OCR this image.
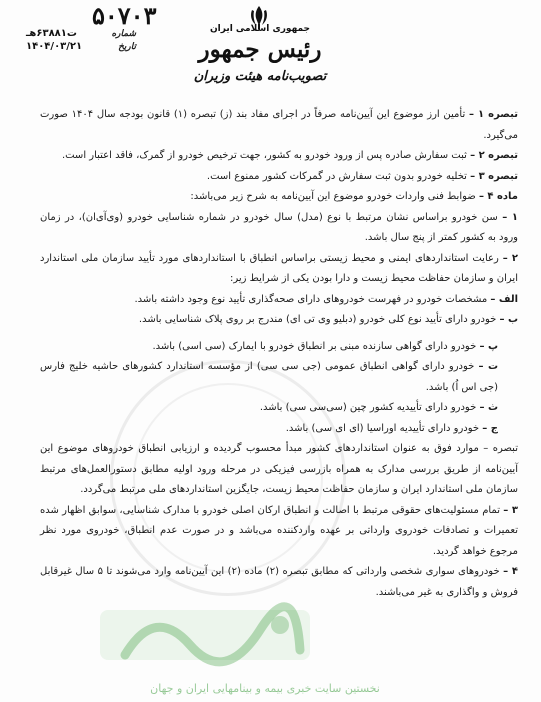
نخستین سایت خبری بیمه و بینامهایی ایران و جهان
۵۰۷۰۳
شماره
ت۶۳۸۸۱هـ
تاریخ
۱۴۰۴/۰۳/۲۱
جمهوری اسلامی ایران
رئیس جمهور
تصویب‌نامه هیئت وزیران

تبصره ۱ – تأمین ارز موضوع این آیین‌نامه صرفاً در اجرای مفاد بند (ز) تبصره (۱) قانون بودجه سال ۱۴۰۴ صورت می‌گیرد.

تبصره ۲ – ثبت سفارش صادره پس از ورود خودرو به کشور، جهت ترخیص خودرو از گمرک، فاقد اعتبار است.

تبصره ۳ – تخلیه خودرو بدون ثبت سفارش در گمرکات کشور ممنوع است.

ماده ۴ – ضوابط فنی واردات خودرو موضوع این آیین‌نامه به شرح زیر می‌باشد:

۱ – سن خودرو براساس نشان مرتبط با نوع (مدل) سال خودرو در شماره شناسایی خودرو (وی‌آی‌ان)، در زمان ورود به کشور کمتر از پنج سال باشد.

۲ – رعایت استانداردهای ایمنی و محیط زیستی براساس انطباق با استانداردهای مورد تأیید سازمان ملی استاندارد ایران و سازمان حفاظت محیط زیست و دارا بودن یکی از شرایط زیر:

الف – مشخصات خودرو در فهرست خودروهای دارای صحه‌گذاری تأیید نوع وجود داشته باشد.

ب – خودرو دارای تأیید نوع کلی خودرو (دبلیو وی تی ای) مندرج بر روی پلاک شناسایی باشد.

پ – خودرو دارای گواهی سازنده مبنی بر انطباق خودرو با ایمارک (سی اسی) باشد.

ت – خودرو دارای گواهی انطباق عمومی (جی سی سی) از مؤسسه استاندارد کشورهای حاشیه خلیج فارس (جی اس اُ) باشد.

ث – خودرو دارای تأییدیه کشور چین (سی‌سی سی) باشد.

ج – خودرو دارای تأییدیه اوراسیا (ای ای سی) باشد.

تبصره – موارد فوق به عنوان استانداردهای کشور مبدأ محسوب گردیده و ارزیابی انطباق خودروهای موضوع این آیین‌نامه از طریق بررسی مدارک به همراه بازرسی فیزیکی در مرحله ورود اولیه مطابق دستورالعمل‌های مرتبط سازمان ملی استاندارد ایران و سازمان حفاظت محیط زیست، جایگزین استانداردهای ملی مرتبط می‌گردد.

۳ – تمام مسئولیت‌های حقوقی مرتبط با اصالت و انطباق ارکان اصلی خودرو با مدارک شناسایی، سوابق اظهار شده تعمیرات و تصادفات خودروی وارداتی بر عهده واردکننده می‌باشد و در صورت عدم انطباق، خودروی مورد نظر مرجوع خواهد گردید.

۴ – خودروهای سواری شخصی وارداتی که مطابق تبصره (۲) ماده (۲) این آیین‌نامه وارد می‌شوند تا ۵ سال غیرقابل فروش و واگذاری به غیر می‌باشند.
